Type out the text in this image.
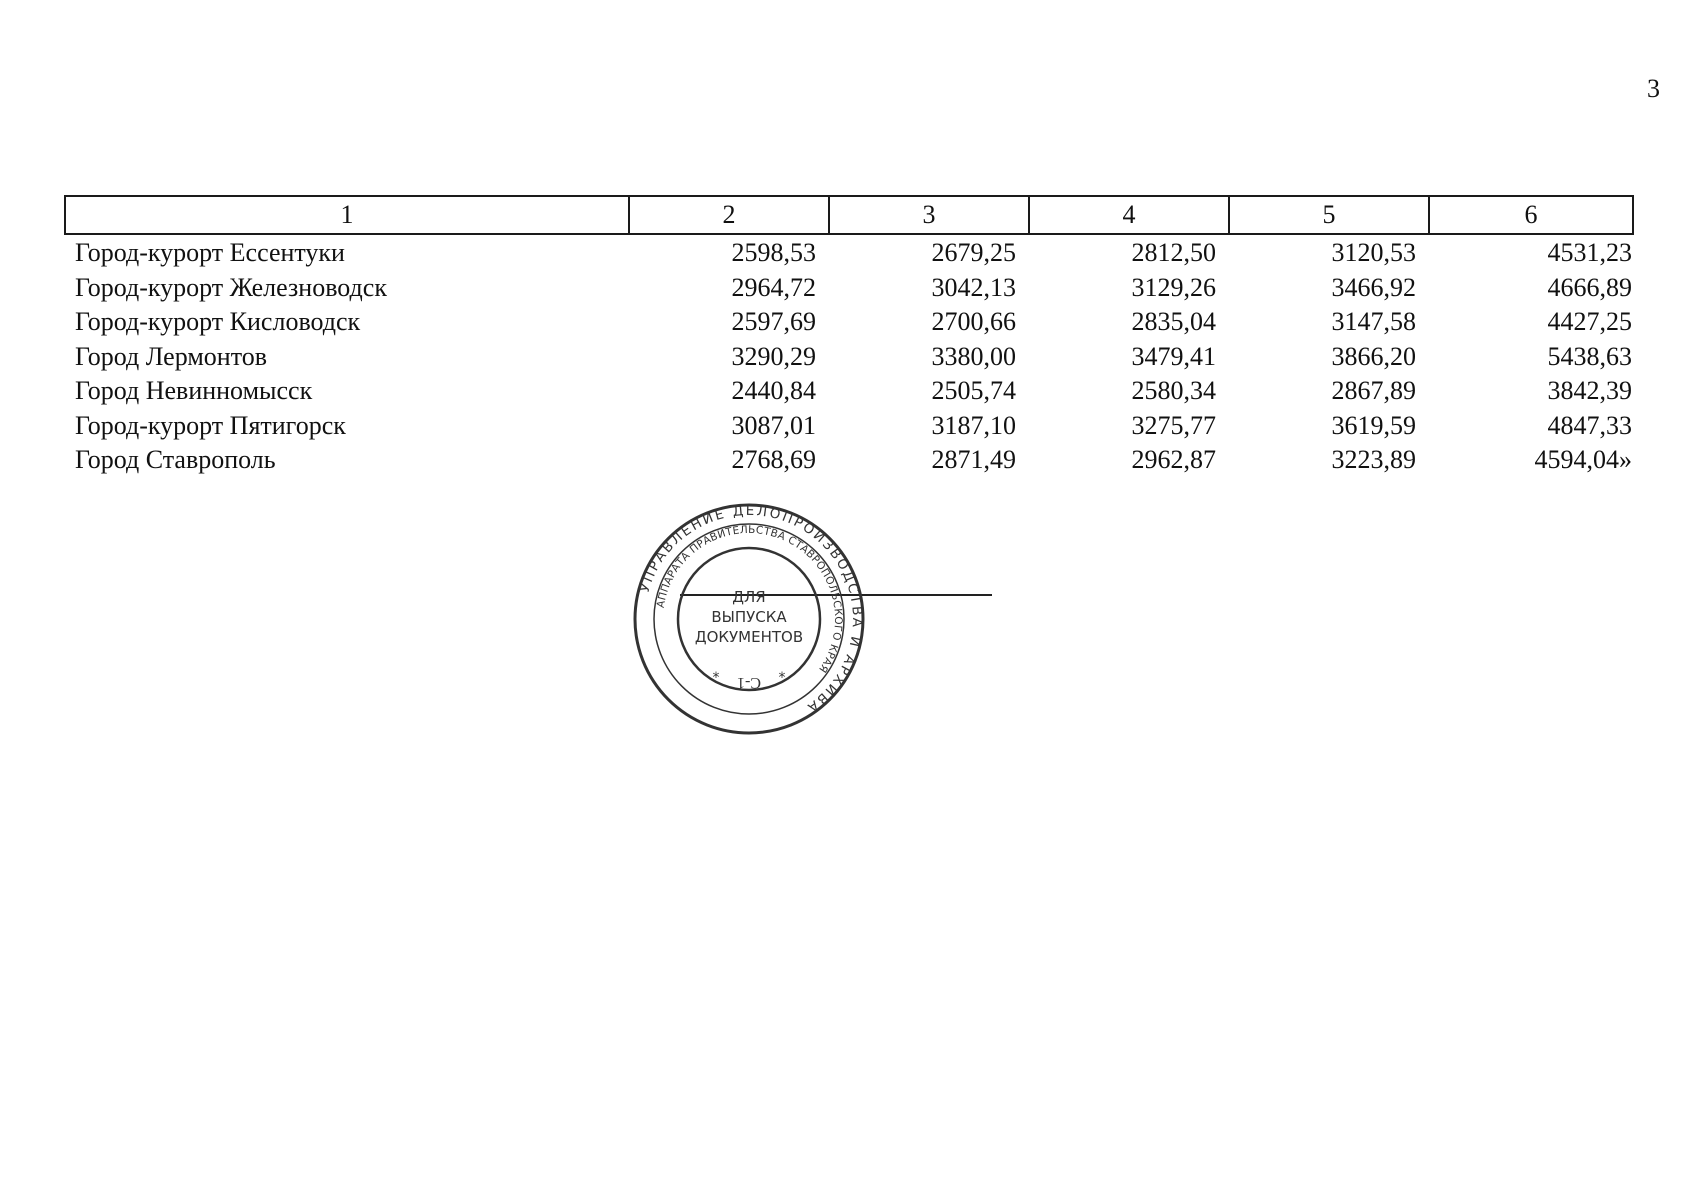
3
1	2	3	4	5	6
Город-курорт Ессентуки	2598,53	2679,25	2812,50	3120,53	4531,23
Город-курорт Железноводск	2964,72	3042,13	3129,26	3466,92	4666,89
Город-курорт Кисловодск	2597,69	2700,66	2835,04	3147,58	4427,25
Город Лермонтов	3290,29	3380,00	3479,41	3866,20	5438,63
Город Невинномысск	2440,84	2505,74	2580,34	2867,89	3842,39
Город-курорт Пятигорск	3087,01	3187,10	3275,77	3619,59	4847,33
Город Ставрополь	2768,69	2871,49	2962,87	3223,89	4594,04»
УПРАВЛЕНИЕ ДЕЛОПРОИЗВОДСТВА И АРХИВА
АППАРАТА ПРАВИТЕЛЬСТВА СТАВРОПОЛЬСКОГО КРАЯ
ДЛЯ
ВЫПУСКА
ДОКУМЕНТОВ
С-1
*	*
